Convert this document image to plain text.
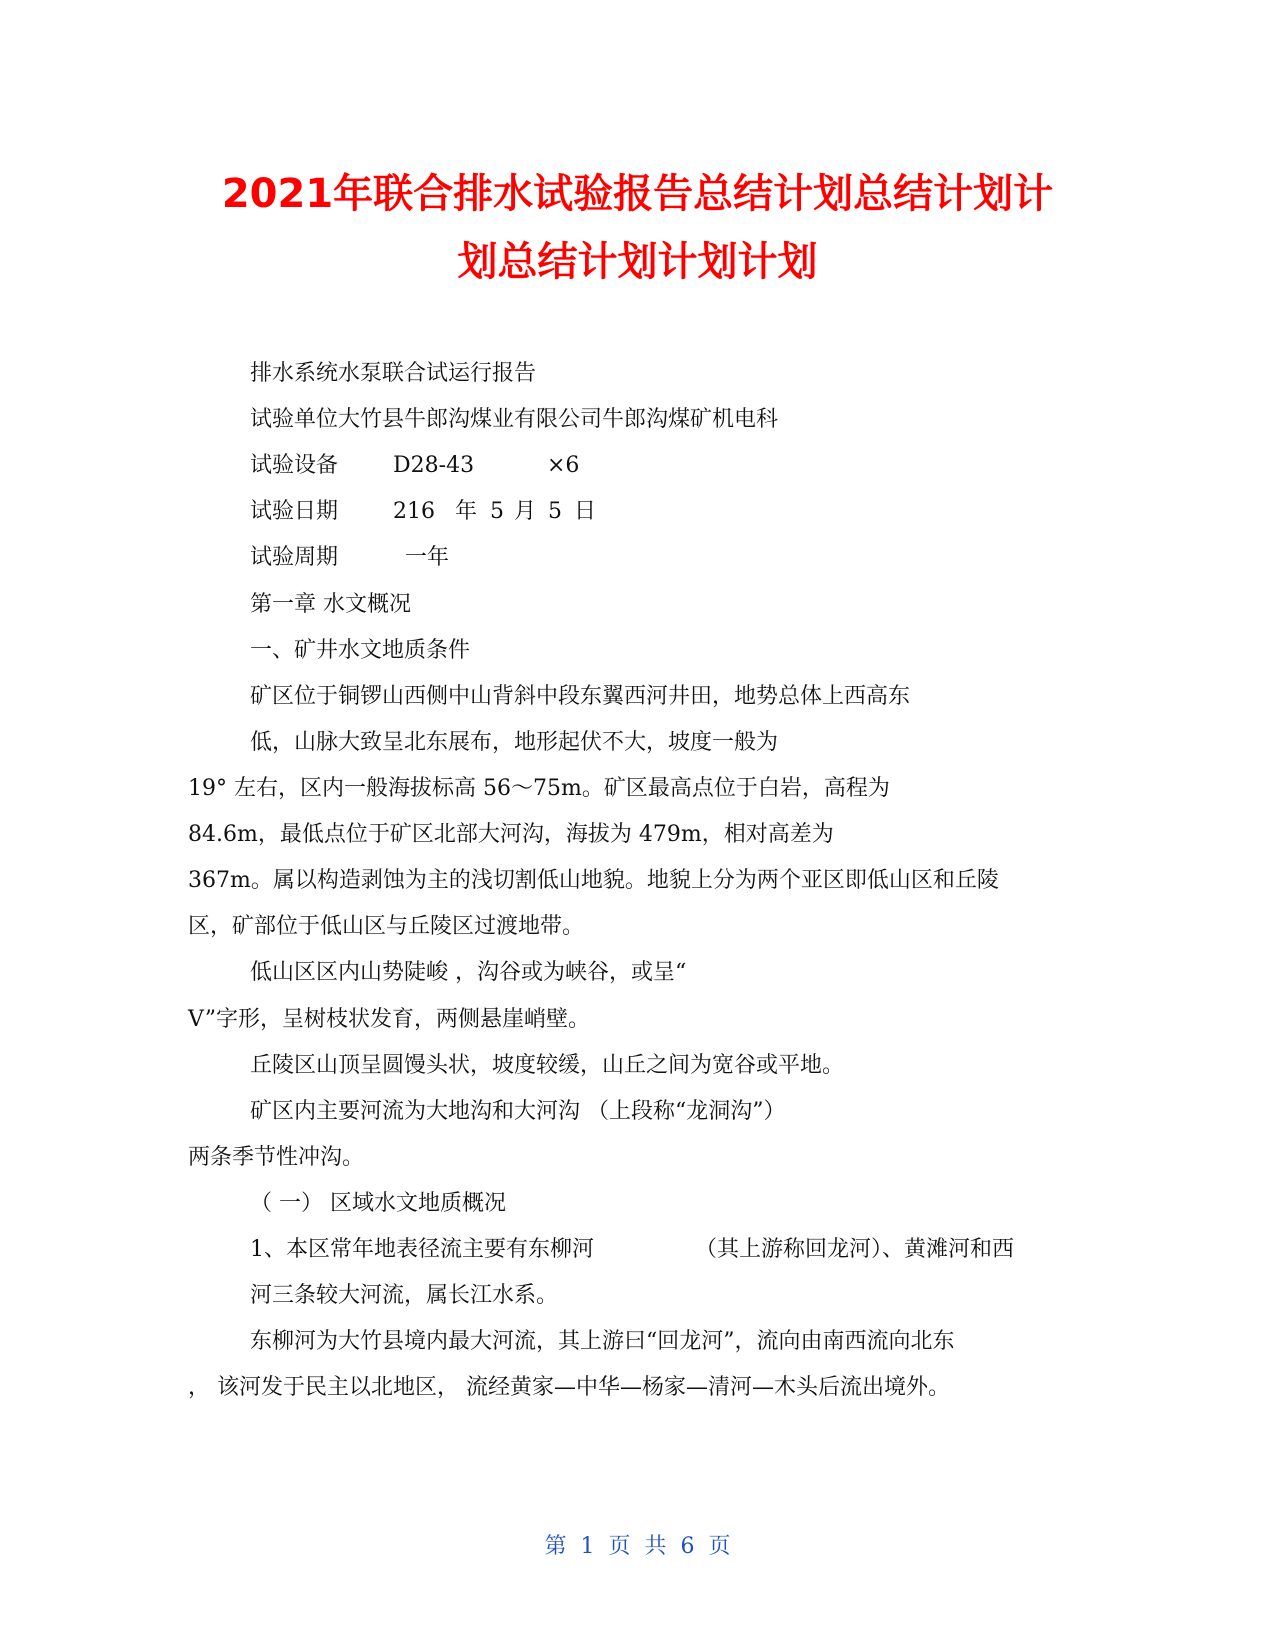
2021年联合排水试验报告总结计划总结计划计
划总结计划计划计划
排水系统水泵联合试运行报告
试验单位大竹县牛郎沟煤业有限公司牛郎沟煤矿机电科
试验设备 D28-43	×6
试验日期 216 年 5 月 5 日
试验周期	一年
第一章 水文概况
一、矿井水文地质条件
矿区位于铜锣山西侧中山背斜中段东翼西河井田，地势总体上西高东
低，山脉大致呈北东展布，地形起伏不大，坡度一般为
19° 左右，区内一般海拔标高 56～75m。矿区最高点位于白岩，高程为
84.6m，最低点位于矿区北部大河沟，海拔为 479m，相对高差为
367m。属以构造剥蚀为主的浅切割低山地貌。地貌上分为两个亚区即低山区和丘陵
区，矿部位于低山区与丘陵区过渡地带。
低山区区内山势陡峻 ，沟谷或为峡谷，或呈“
V”字形，呈树枝状发育，两侧悬崖峭壁。
丘陵区山顶呈圆馒头状，坡度较缓，山丘之间为宽谷或平地。
矿区内主要河流为大地沟和大河沟 （上段称“龙洞沟”）
两条季节性冲沟。
（ 一） 区域水文地质概况
1、本区常年地表径流主要有东柳河	（其上游称回龙河）、黄滩河和西
河三条较大河流，属长江水系。
东柳河为大竹县境内最大河流，其上游曰“回龙河”，流向由南西流向北东
， 该河发于民主以北地区， 流经黄家—中华—杨家—清河—木头后流出境外。
第  1  页  共  6  页
